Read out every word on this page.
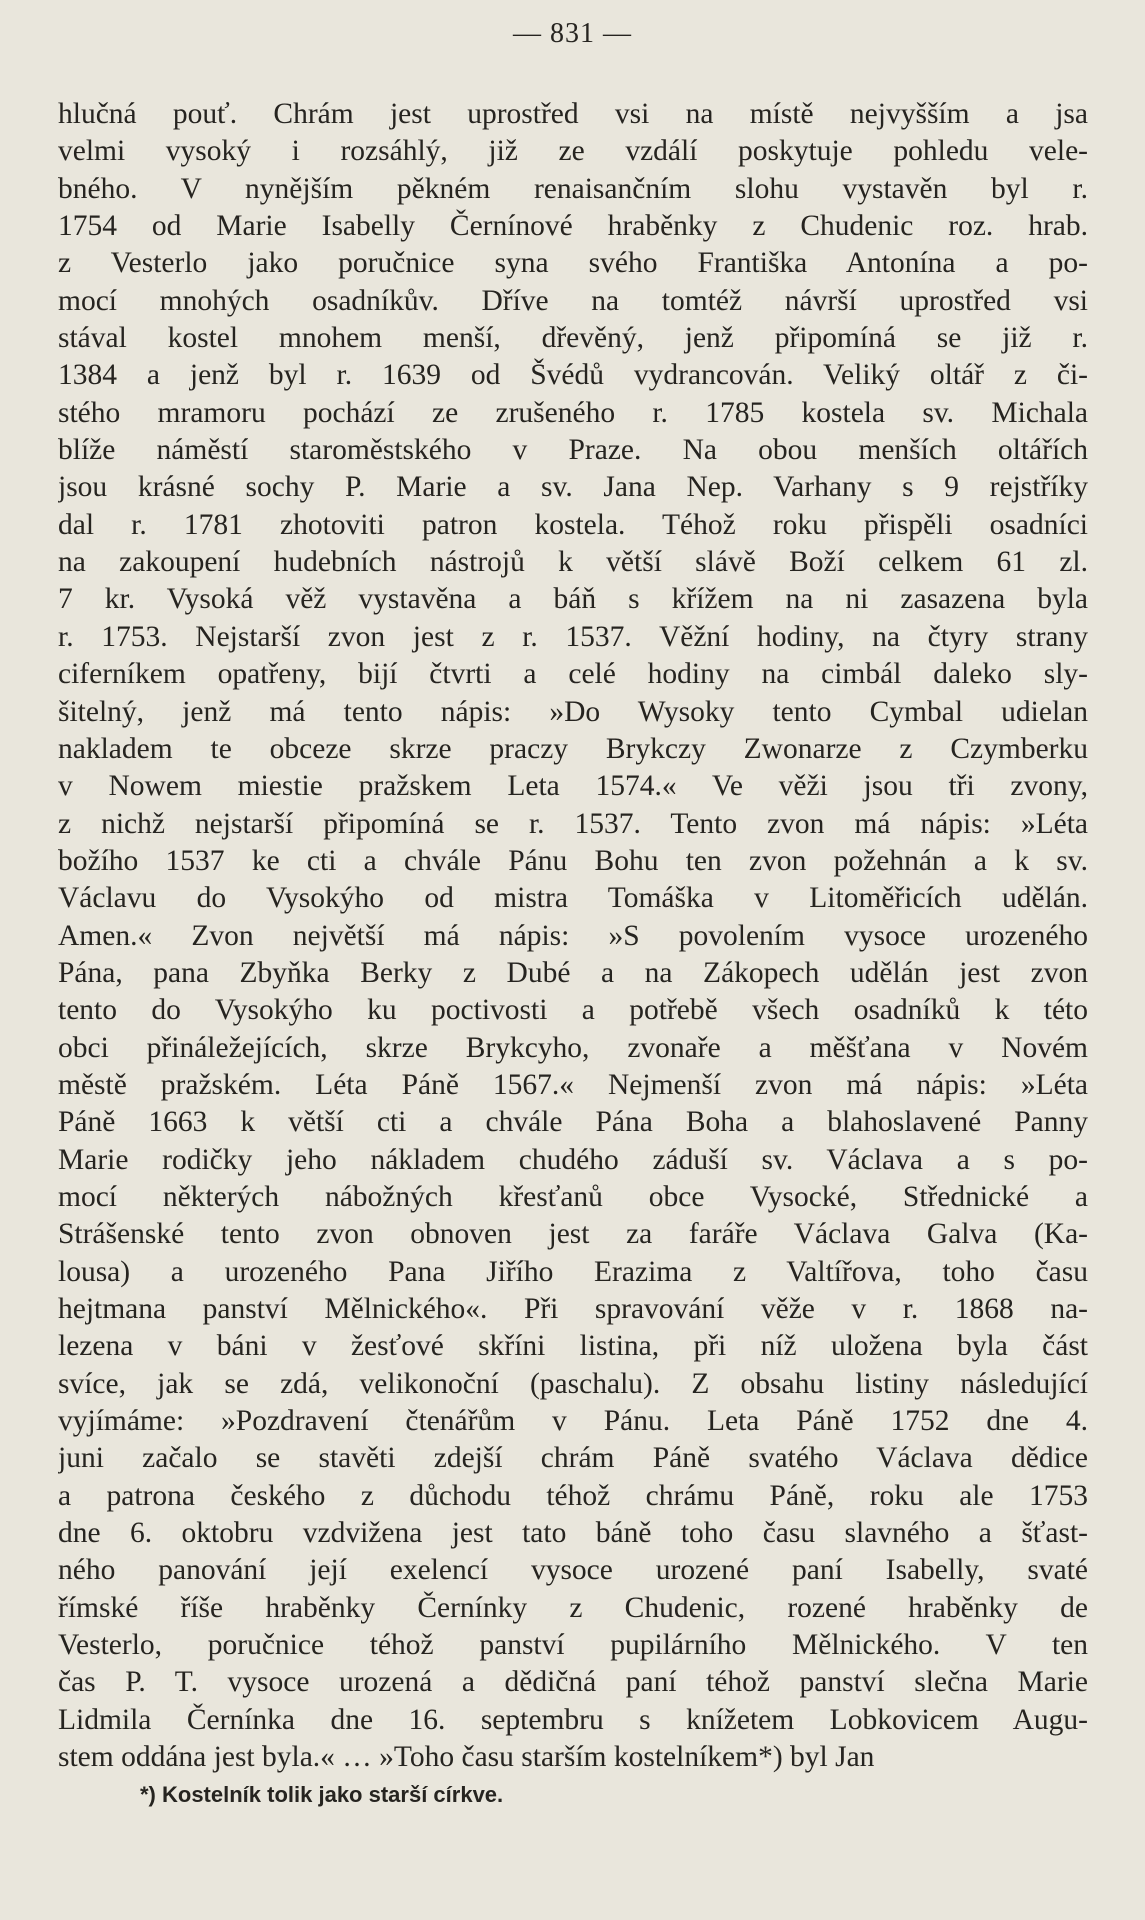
— 831 —
hlučná pouť. Chrám jest uprostřed vsi na místě nejvyšším a jsa
velmi vysoký i rozsáhlý, již ze vzdálí poskytuje pohledu vele-
bného. V nynějším pěkném renaisančním slohu vystavěn byl r.
1754 od Marie Isabelly Černínové hraběnky z Chudenic roz. hrab.
z Vesterlo jako poručnice syna svého Františka Antonína a po-
mocí mnohých osadníkův. Dříve na tomtéž návrší uprostřed vsi
stával kostel mnohem menší, dřevěný, jenž připomíná se již r.
1384 a jenž byl r. 1639 od Švédů vydrancován. Veliký oltář z či-
stého mramoru pochází ze zrušeného r. 1785 kostela sv. Michala
blíže náměstí staroměstského v Praze. Na obou menších oltářích
jsou krásné sochy P. Marie a sv. Jana Nep. Varhany s 9 rejstříky
dal r. 1781 zhotoviti patron kostela. Téhož roku přispěli osadníci
na zakoupení hudebních nástrojů k větší slávě Boží celkem 61 zl.
7 kr. Vysoká věž vystavěna a báň s křížem na ni zasazena byla
r. 1753. Nejstarší zvon jest z r. 1537. Věžní hodiny, na čtyry strany
ciferníkem opatřeny, bijí čtvrti a celé hodiny na cimbál daleko sly-
šitelný, jenž má tento nápis: »Do Wysoky tento Cymbal udielan
nakladem te obceze skrze praczy Brykczy Zwonarze z Czymberku
v Nowem miestie pražskem Leta 1574.« Ve věži jsou tři zvony,
z nichž nejstarší připomíná se r. 1537. Tento zvon má nápis: »Léta
božího 1537 ke cti a chvále Pánu Bohu ten zvon požehnán a k sv.
Václavu do Vysokýho od mistra Tomáška v Litoměřicích udělán.
Amen.« Zvon největší má nápis: »S povolením vysoce urozeného
Pána, pana Zbyňka Berky z Dubé a na Zákopech udělán jest zvon
tento do Vysokýho ku poctivosti a potřebě všech osadníků k této
obci přináležejících, skrze Brykcyho, zvonaře a měšťana v Novém
městě pražském. Léta Páně 1567.« Nejmenší zvon má nápis: »Léta
Páně 1663 k větší cti a chvále Pána Boha a blahoslavené Panny
Marie rodičky jeho nákladem chudého záduší sv. Václava a s po-
mocí některých nábožných křesťanů obce Vysocké, Střednické a
Strášenské tento zvon obnoven jest za faráře Václava Galva (Ka-
lousa) a urozeného Pana Jiřího Erazima z Valtířova, toho času
hejtmana panství Mělnického«. Při spravování věže v r. 1868 na-
lezena v báni v žesťové skříni listina, při níž uložena byla část
svíce, jak se zdá, velikonoční (paschalu). Z obsahu listiny následující
vyjímáme: »Pozdravení čtenářům v Pánu. Leta Páně 1752 dne 4.
juni začalo se stavěti zdejší chrám Páně svatého Václava dědice
a patrona českého z důchodu téhož chrámu Páně, roku ale 1753
dne 6. oktobru vzdvižena jest tato báně toho času slavného a šťast-
ného panování její exelencí vysoce urozené paní Isabelly, svaté
římské říše hraběnky Černínky z Chudenic, rozené hraběnky de
Vesterlo, poručnice téhož panství pupilárního Mělnického. V ten
čas P. T. vysoce urozená a dědičná paní téhož panství slečna Marie
Lidmila Černínka dne 16. septembru s knížetem Lobkovicem Augu-
stem oddána jest byla.« … »Toho času starším kostelníkem*) byl Jan
*) Kostelník tolik jako starší církve.
